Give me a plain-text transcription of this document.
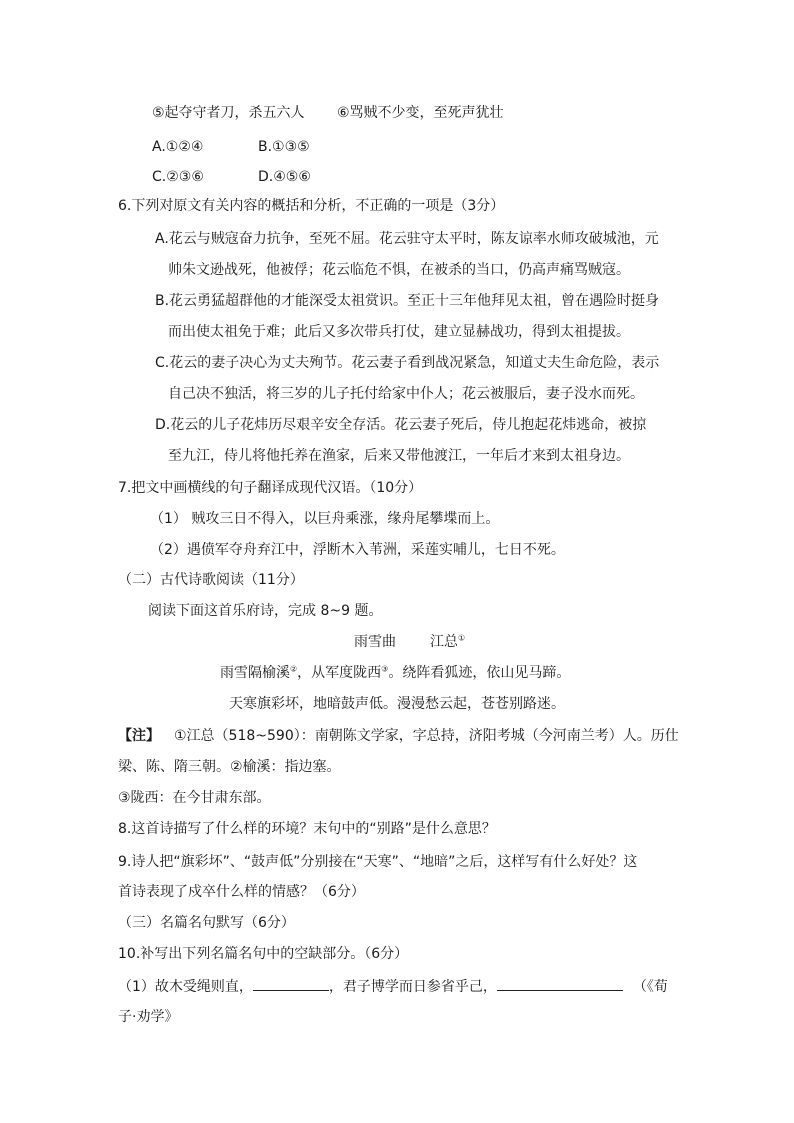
⑤起夺守者刀，杀五六人 ⑥骂贼不少变，至死声犹壮
A.①②④	B.①③⑤
C.②③⑥	D.④⑤⑥
6.下列对原文有关内容的概括和分析，不正确的一项是（3分）
A.花云与贼寇奋力抗争，至死不屈。花云驻守太平时，陈友谅率水师攻破城池，元
帅朱文逊战死，他被俘；花云临危不惧，在被杀的当口，仍高声痛骂贼寇。
B.花云勇猛超群他的才能深受太祖赏识。至正十三年他拜见太祖，曾在遇险时挺身
而出使太祖免于难；此后又多次带兵打仗，建立显赫战功，得到太祖提拔。
C.花云的妻子决心为丈夫殉节。花云妻子看到战况紧急，知道丈夫生命危险，表示
自己决不独活，将三岁的儿子托付给家中仆人；花云被服后，妻子没水而死。
D.花云的儿子花炜历尽艰辛安全存活。花云妻子死后，侍儿抱起花炜逃命，被掠
至九江，侍儿将他托养在渔家，后来又带他渡江，一年后才来到太祖身边。
7.把文中画横线的句子翻译成现代汉语。（10分）
（1） 贼攻三日不得入，以巨舟乘涨，缘舟尾攀堞而上。
（2）遇偾军夺舟弃江中，浮断木入苇洲，采莲实哺儿，七日不死。
（二）古代诗歌阅读（11分）
阅读下面这首乐府诗，完成 8~9 题。
雨雪曲 江总①
雨雪隔榆溪②，从军度陇西③。绕阵看狐迹，依山见马蹄。
天寒旗彩坏，地暗鼓声低。漫漫愁云起，苍苍别路迷。
【注】 ①江总（518~590）：南朝陈文学家，字总持，济阳考城（今河南兰考）人。历仕
梁、陈、隋三朝。②榆溪：指边塞。
③陇西：在今甘肃东部。
8.这首诗描写了什么样的环境？末句中的“别路”是什么意思？
9.诗人把“旗彩坏”、“鼓声低”分别接在“天寒”、“地暗”之后，这样写有什么好处？这
首诗表现了戍卒什么样的情感？（6分）
（三）名篇名句默写（6分）
10.补写出下列名篇名句中的空缺部分。（6分）
（1）故木受绳则直，	，君子博学而日参省乎己，	（《荀
子·劝学》
